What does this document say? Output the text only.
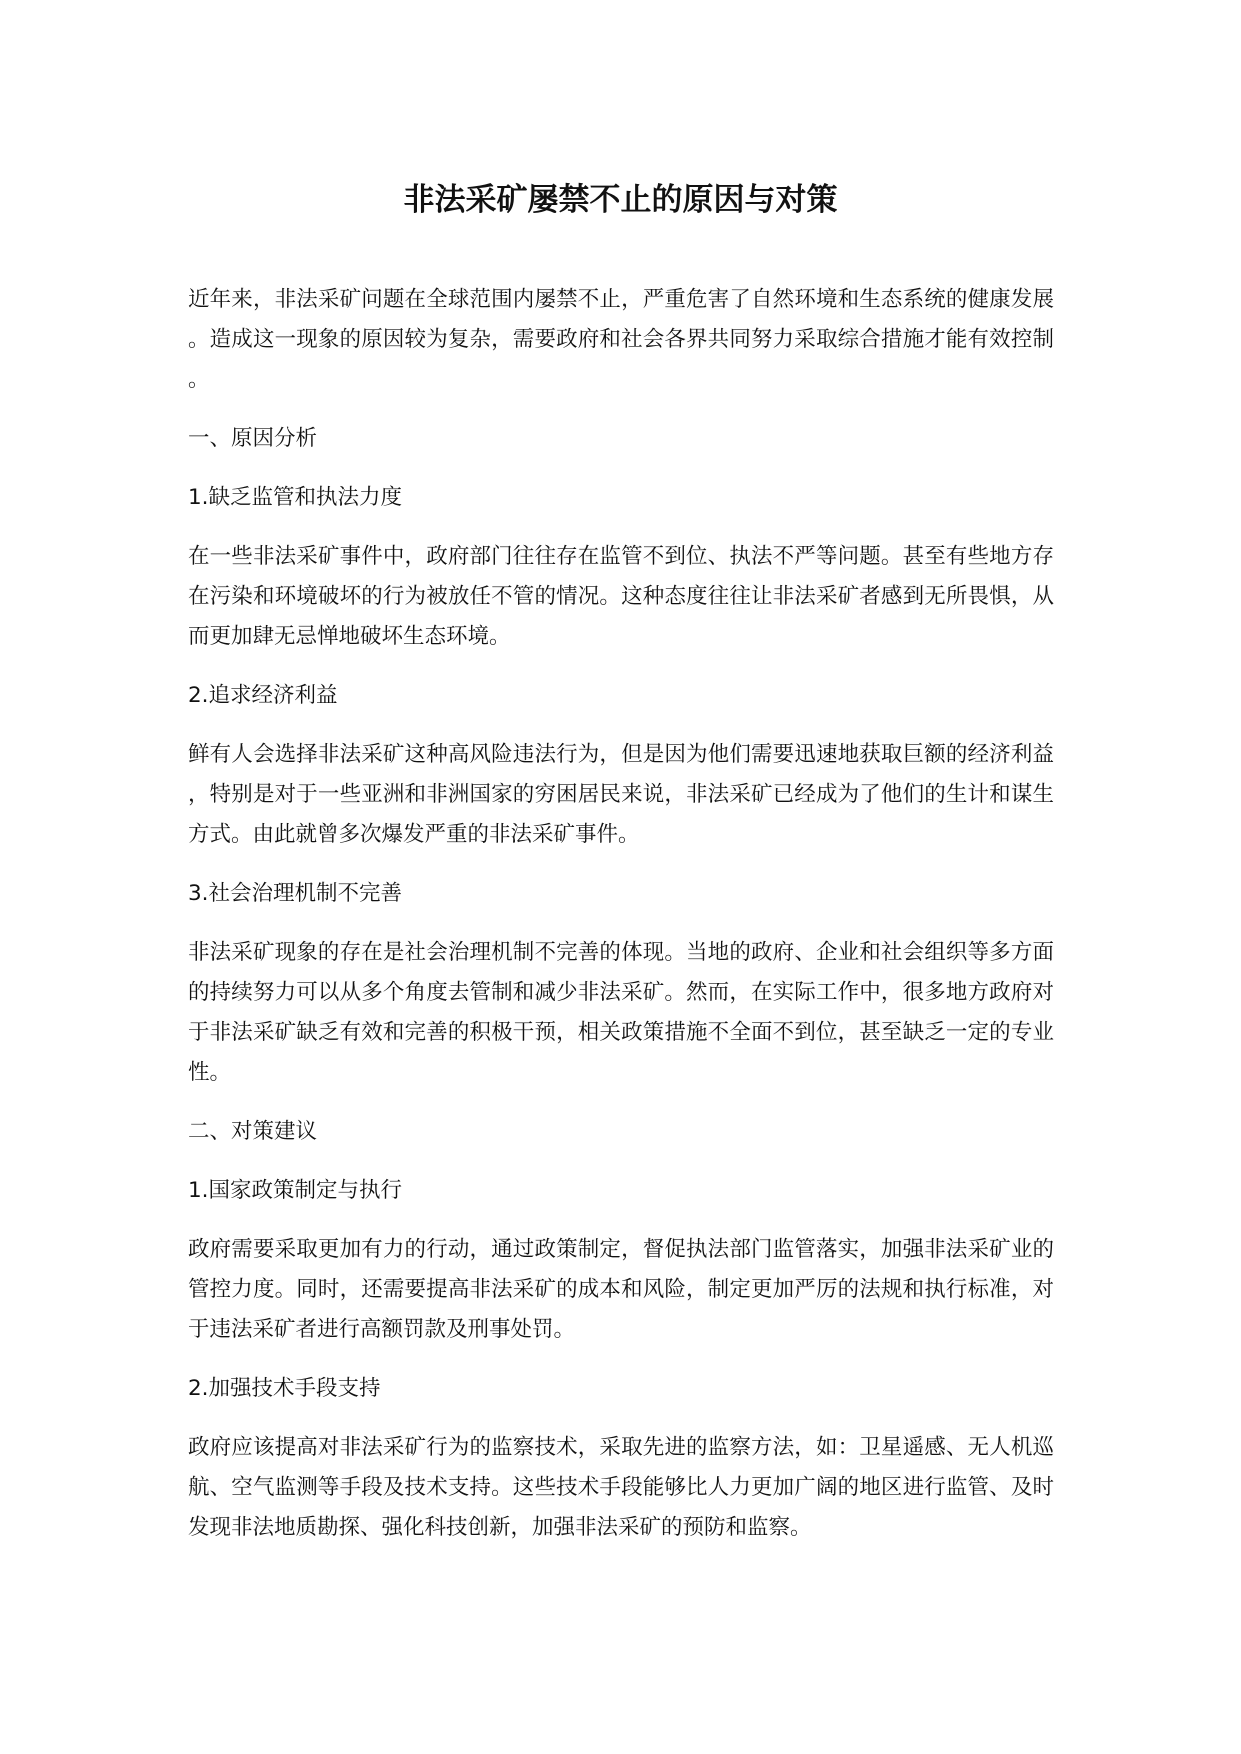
非法采矿屡禁不止的原因与对策

近年来，非法采矿问题在全球范围内屡禁不止，严重危害了自然环境和生态系统的健康发展。造成这一现象的原因较为复杂，需要政府和社会各界共同努力采取综合措施才能有效控制。

一、原因分析

1.缺乏监管和执法力度

在一些非法采矿事件中，政府部门往往存在监管不到位、执法不严等问题。甚至有些地方存在污染和环境破坏的行为被放任不管的情况。这种态度往往让非法采矿者感到无所畏惧，从而更加肆无忌惮地破坏生态环境。

2.追求经济利益

鲜有人会选择非法采矿这种高风险违法行为，但是因为他们需要迅速地获取巨额的经济利益，特别是对于一些亚洲和非洲国家的穷困居民来说，非法采矿已经成为了他们的生计和谋生方式。由此就曾多次爆发严重的非法采矿事件。

3.社会治理机制不完善

非法采矿现象的存在是社会治理机制不完善的体现。当地的政府、企业和社会组织等多方面的持续努力可以从多个角度去管制和减少非法采矿。然而，在实际工作中，很多地方政府对于非法采矿缺乏有效和完善的积极干预，相关政策措施不全面不到位，甚至缺乏一定的专业性。

二、对策建议

1.国家政策制定与执行

政府需要采取更加有力的行动，通过政策制定，督促执法部门监管落实，加强非法采矿业的管控力度。同时，还需要提高非法采矿的成本和风险，制定更加严厉的法规和执行标准，对于违法采矿者进行高额罚款及刑事处罚。

2.加强技术手段支持

政府应该提高对非法采矿行为的监察技术，采取先进的监察方法，如：卫星遥感、无人机巡航、空气监测等手段及技术支持。这些技术手段能够比人力更加广阔的地区进行监管、及时发现非法地质勘探、强化科技创新，加强非法采矿的预防和监察。
